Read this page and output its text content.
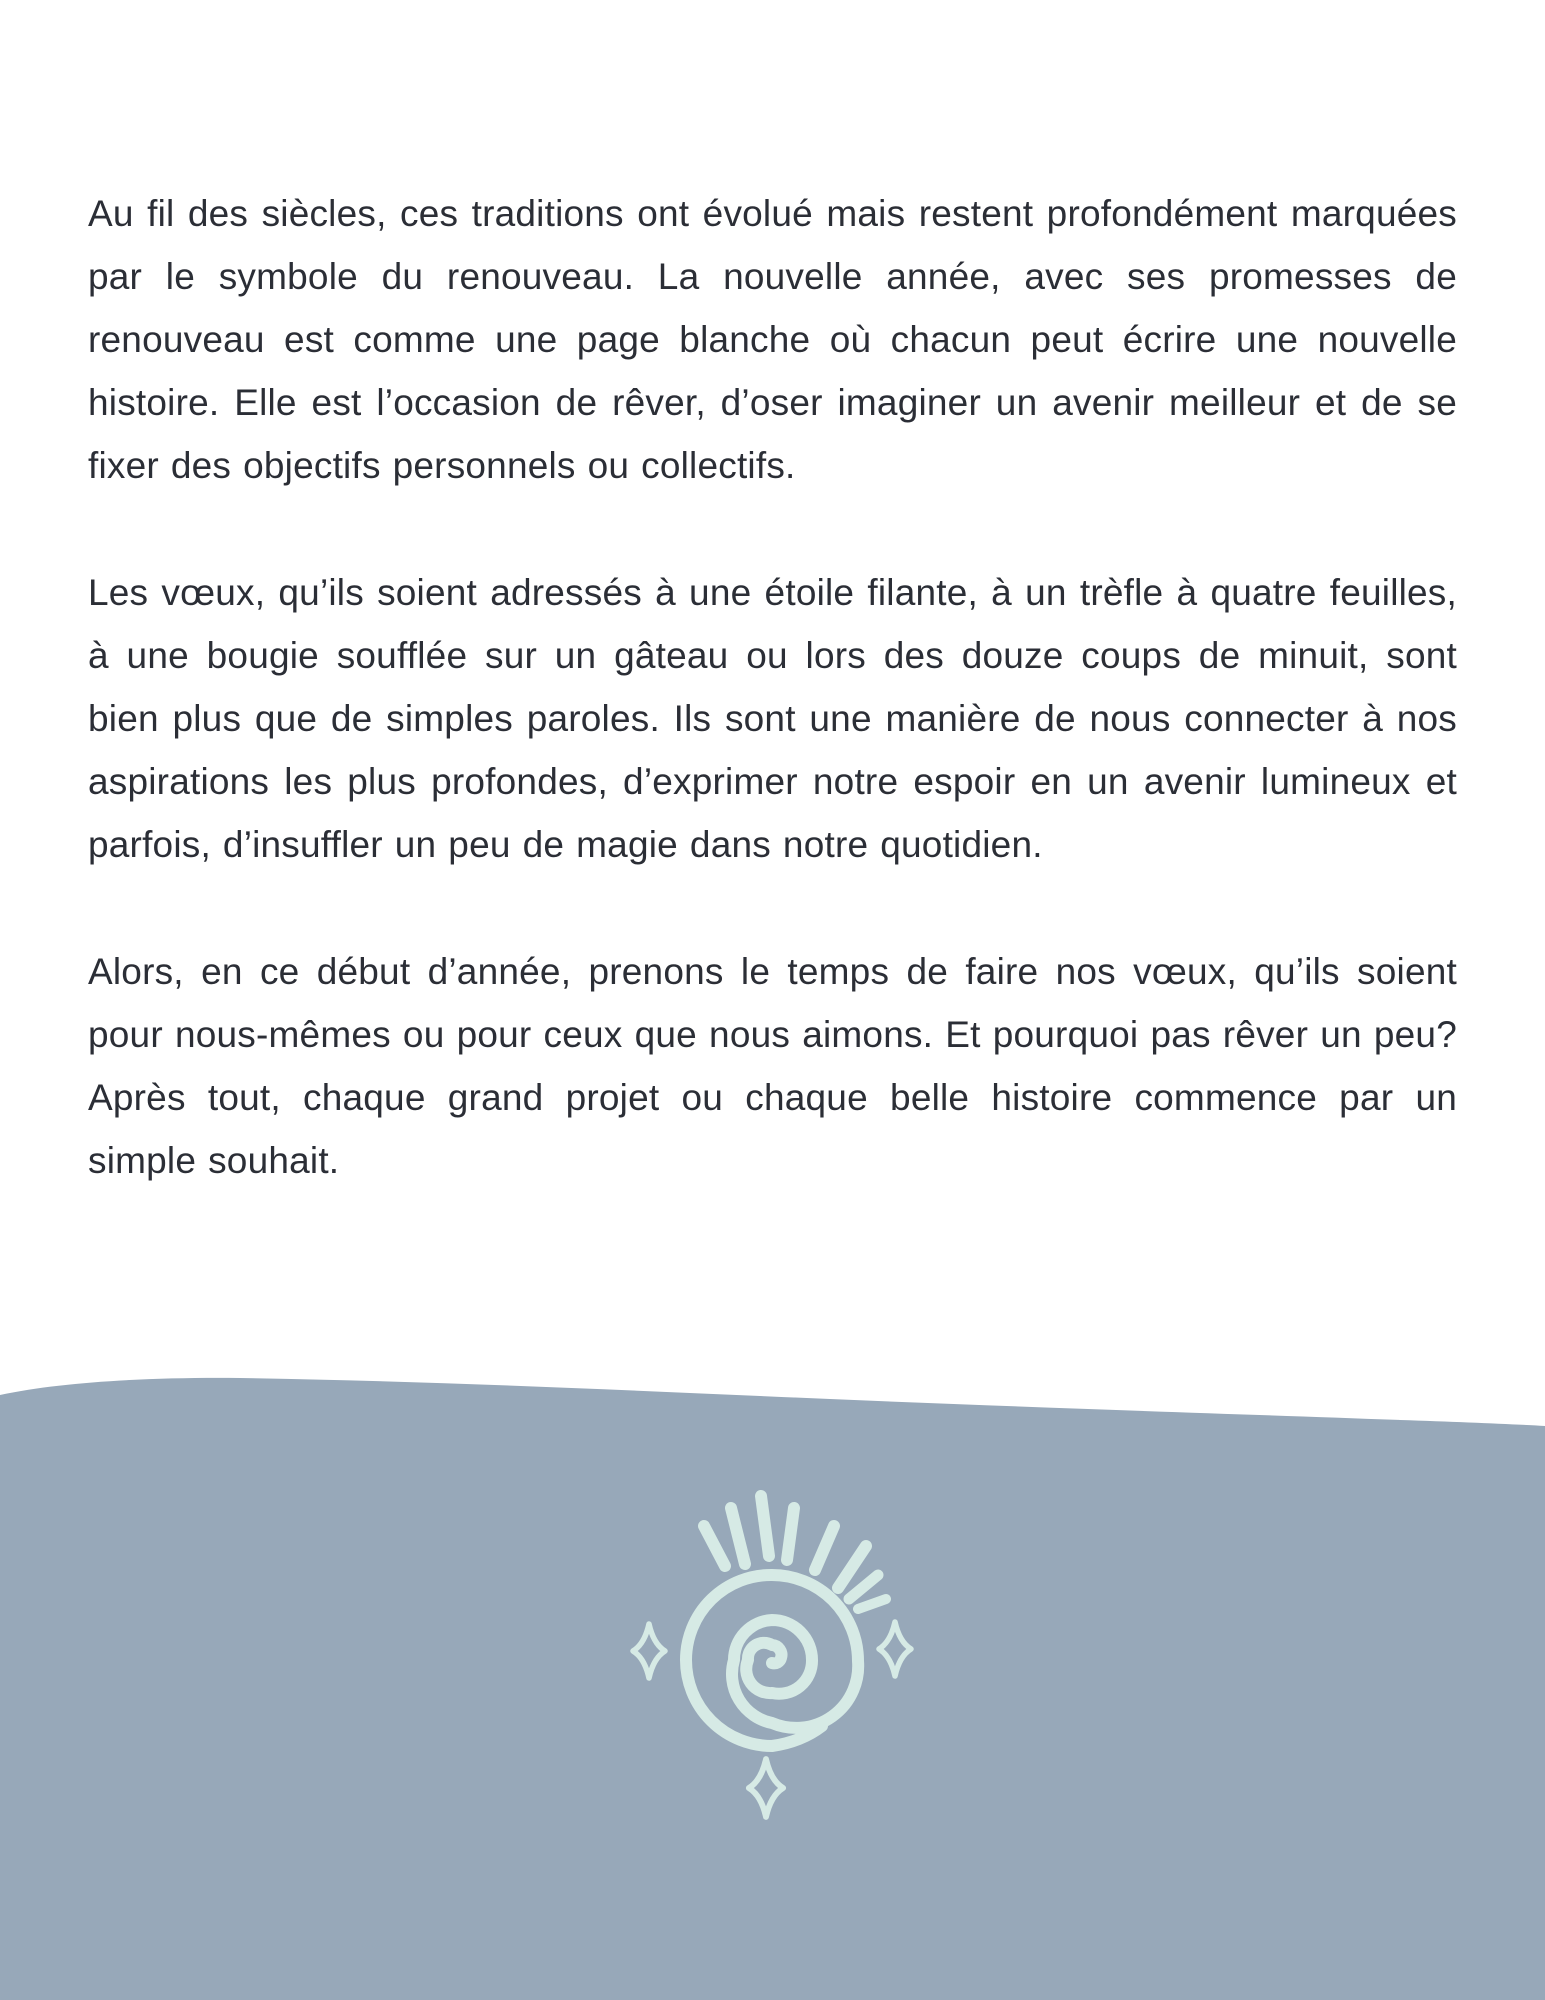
Au fil des siècles, ces traditions ont évolué mais restent profondément marquées par le symbole du renouveau. La nouvelle année, avec ses promesses de renouveau est comme une page blanche où chacun peut écrire une nouvelle histoire. Elle est l’occasion de rêver, d’oser imaginer un avenir meilleur et de se fixer des objectifs personnels ou collectifs.

Les vœux, qu’ils soient adressés à une étoile filante, à un trèfle à quatre feuilles, à une bougie soufflée sur un gâteau ou lors des douze coups de minuit, sont bien plus que de simples paroles. Ils sont une manière de nous connecter à nos aspirations les plus profondes, d’exprimer notre espoir en un avenir lumineux et parfois, d’insuffler un peu de magie dans notre quotidien.

Alors, en ce début d’année, prenons le temps de faire nos vœux, qu’ils soient pour nous-mêmes ou pour ceux que nous aimons. Et pourquoi pas rêver un peu? Après tout, chaque grand projet ou chaque belle histoire commence par un simple souhait.
